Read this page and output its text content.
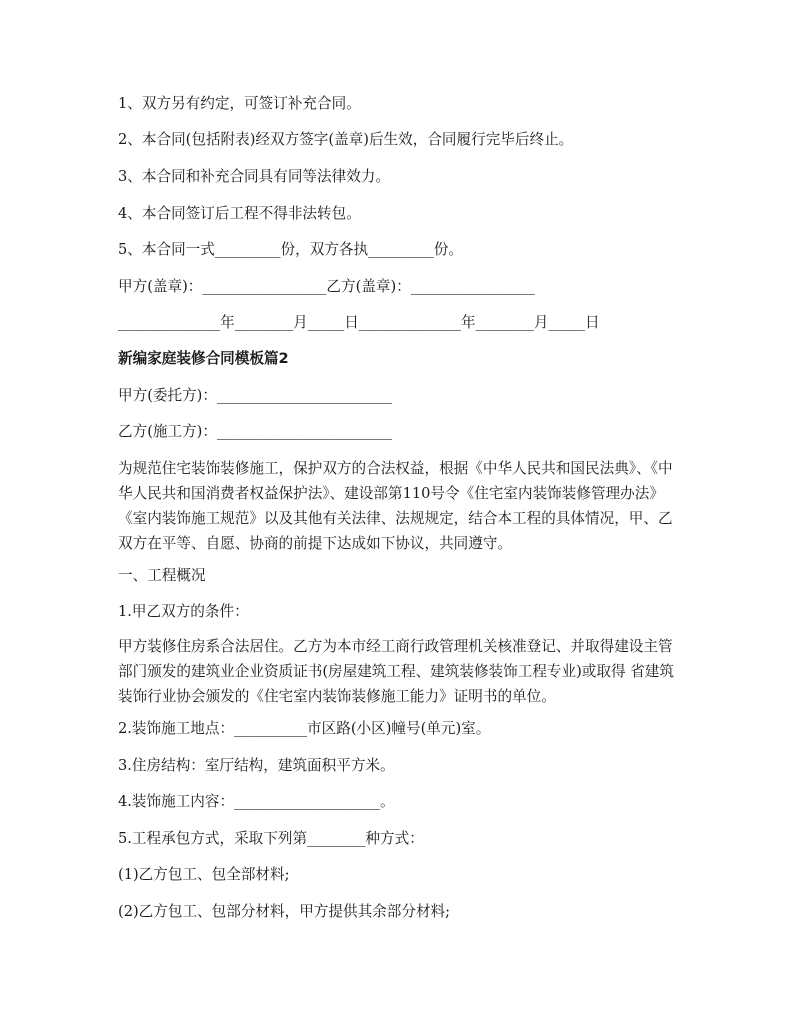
1、双方另有约定，可签订补充合同。
2、本合同(包括附表)经双方签字(盖章)后生效，合同履行完毕后终止。
3、本合同和补充合同具有同等法律效力。
4、本合同签订后工程不得非法转包。
5、本合同一式_________份，双方各执_________份。
甲方(盖章)：_________________乙方(盖章)：_________________
______________年________月_____日______________年________月_____日
新编家庭装修合同模板篇2
甲方(委托方)：________________________
乙方(施工方)：________________________
为规范住宅装饰装修施工，保护双方的合法权益，根据《中华人民共和国民法典》、《中华人民共和国消费者权益保护法》、建设部第110号令《住宅室内装饰装修管理办法》《室内装饰施工规范》以及其他有关法律、法规规定，结合本工程的具体情况，甲、乙双方在平等、自愿、协商的前提下达成如下协议，共同遵守。
一、工程概况
1.甲乙双方的条件：
甲方装修住房系合法居住。乙方为本市经工商行政管理机关核准登记、并取得建设主管部门颁发的建筑业企业资质证书(房屋建筑工程、建筑装修装饰工程专业)或取得 省建筑装饰行业协会颁发的《住宅室内装饰装修施工能力》证明书的单位。
2.装饰施工地点：__________市区路(小区)幢号(单元)室。
3.住房结构：室厅结构，建筑面积平方米。
4.装饰施工内容：____________________。
5.工程承包方式，采取下列第________种方式：
(1)乙方包工、包全部材料;
(2)乙方包工、包部分材料，甲方提供其余部分材料;
